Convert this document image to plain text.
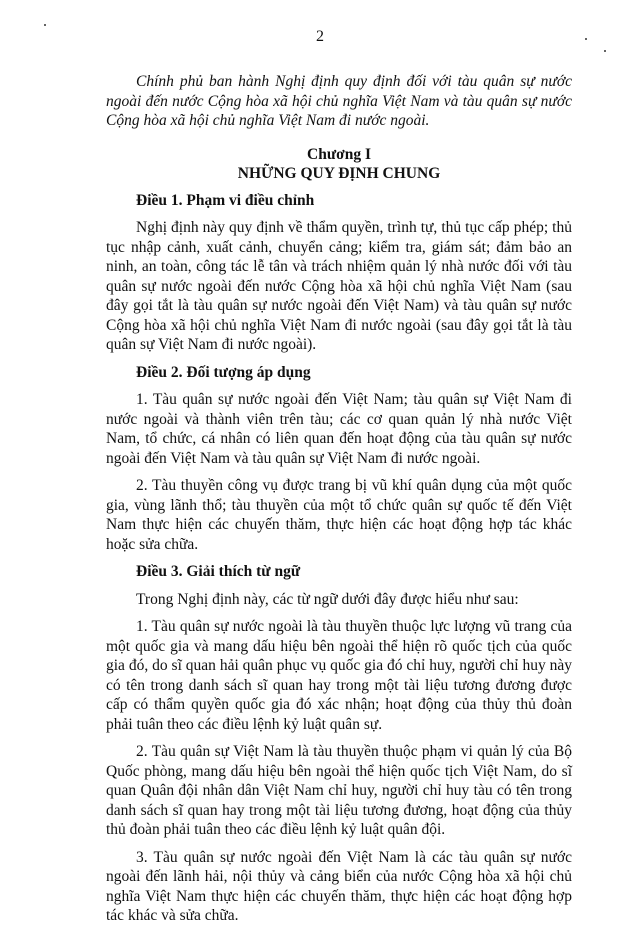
2

Chính phủ ban hành Nghị định quy định đối với tàu quân sự nước ngoài đến nước Cộng hòa xã hội chủ nghĩa Việt Nam và tàu quân sự nước Cộng hòa xã hội chủ nghĩa Việt Nam đi nước ngoài.

Chương I

NHỮNG QUY ĐỊNH CHUNG

Điều 1. Phạm vi điều chỉnh

Nghị định này quy định về thẩm quyền, trình tự, thủ tục cấp phép; thủ tục nhập cảnh, xuất cảnh, chuyển cảng; kiểm tra, giám sát; đảm bảo an ninh, an toàn, công tác lễ tân và trách nhiệm quản lý nhà nước đối với tàu quân sự nước ngoài đến nước Cộng hòa xã hội chủ nghĩa Việt Nam (sau đây gọi tắt là tàu quân sự nước ngoài đến Việt Nam) và tàu quân sự nước Cộng hòa xã hội chủ nghĩa Việt Nam đi nước ngoài (sau đây gọi tắt là tàu quân sự Việt Nam đi nước ngoài).

Điều 2. Đối tượng áp dụng

1. Tàu quân sự nước ngoài đến Việt Nam; tàu quân sự Việt Nam đi nước ngoài và thành viên trên tàu; các cơ quan quản lý nhà nước Việt Nam, tổ chức, cá nhân có liên quan đến hoạt động của tàu quân sự nước ngoài đến Việt Nam và tàu quân sự Việt Nam đi nước ngoài.

2. Tàu thuyền công vụ được trang bị vũ khí quân dụng của một quốc gia, vùng lãnh thổ; tàu thuyền của một tổ chức quân sự quốc tế đến Việt Nam thực hiện các chuyến thăm, thực hiện các hoạt động hợp tác khác hoặc sửa chữa.

Điều 3. Giải thích từ ngữ

Trong Nghị định này, các từ ngữ dưới đây được hiểu như sau:

1. Tàu quân sự nước ngoài là tàu thuyền thuộc lực lượng vũ trang của một quốc gia và mang dấu hiệu bên ngoài thể hiện rõ quốc tịch của quốc gia đó, do sĩ quan hải quân phục vụ quốc gia đó chỉ huy, người chỉ huy này có tên trong danh sách sĩ quan hay trong một tài liệu tương đương được cấp có thẩm quyền quốc gia đó xác nhận; hoạt động của thủy thủ đoàn phải tuân theo các điều lệnh kỷ luật quân sự.

2. Tàu quân sự Việt Nam là tàu thuyền thuộc phạm vi quản lý của Bộ Quốc phòng, mang dấu hiệu bên ngoài thể hiện quốc tịch Việt Nam, do sĩ quan Quân đội nhân dân Việt Nam chỉ huy, người chỉ huy tàu có tên trong danh sách sĩ quan hay trong một tài liệu tương đương, hoạt động của thủy thủ đoàn phải tuân theo các điều lệnh kỷ luật quân đội.

3. Tàu quân sự nước ngoài đến Việt Nam là các tàu quân sự nước ngoài đến lãnh hải, nội thủy và cảng biển của nước Cộng hòa xã hội chủ nghĩa Việt Nam thực hiện các chuyến thăm, thực hiện các hoạt động hợp tác khác và sửa chữa.
